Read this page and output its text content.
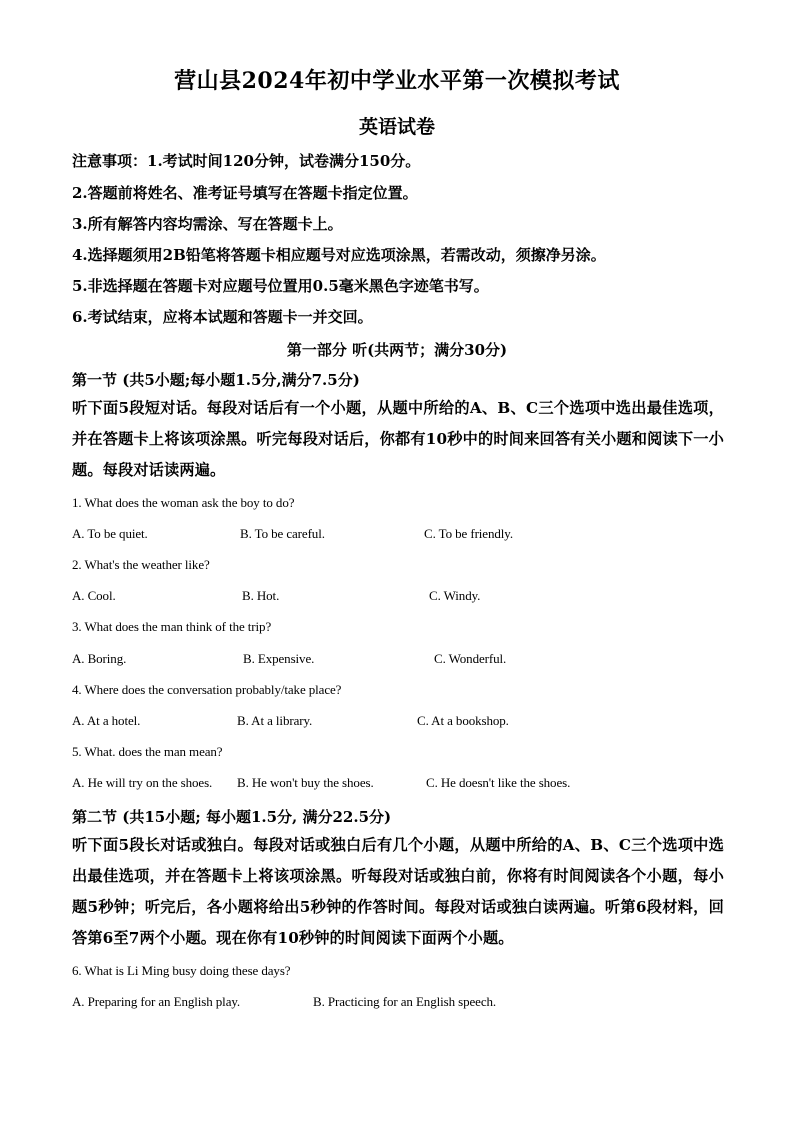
营山县2024年初中学业水平第一次模拟考试
英语试卷
注意事项：1.考试时间120分钟，试卷满分150分。
2.答题前将姓名、准考证号填写在答题卡指定位置。
3.所有解答内容均需涂、写在答题卡上。
4.选择题须用2B铅笔将答题卡相应题号对应选项涂黑，若需改动，须擦净另涂。
5.非选择题在答题卡对应题号位置用0.5毫米黑色字迹笔书写。
6.考试结束，应将本试题和答题卡一并交回。
第一部分 听(共两节；满分30分)
第一节 (共5小题;每小题1.5分,满分7.5分)
听下面5段短对话。每段对话后有一个小题，从题中所给的A、B、C三个选项中选出最佳选项，并在答题卡上将该项涂黑。听完每段对话后，你都有10秒中的时间来回答有关小题和阅读下一小题。每段对话读两遍。
1. What does the woman ask the boy to do?
A. To be quiet.	B. To be careful.	C. To be friendly.
2. What's the weather like?
A. Cool.	B. Hot.	C. Windy.
3. What does the man think of the trip?
A. Boring.	B. Expensive.	C. Wonderful.
4. Where does the conversation probably/take place?
A. At a hotel.	B. At a library.	C. At a bookshop.
5. What. does the man mean?
A. He will try on the shoes. B. He won't buy the shoes.	C. He doesn't like the shoes.
第二节 (共15小题; 每小题1.5分, 满分22.5分)
听下面5段长对话或独白。每段对话或独白后有几个小题，从题中所给的A、B、C三个选项中选出最佳选项，并在答题卡上将该项涂黑。听每段对话或独白前，你将有时间阅读各个小题，每小题5秒钟；听完后，各小题将给出5秒钟的作答时间。每段对话或独白读两遍。听第6段材料，回答第6至7两个小题。现在你有10秒钟的时间阅读下面两个小题。
6. What is Li Ming busy doing these days?
A. Preparing for an English play.	B. Practicing for an English speech.
